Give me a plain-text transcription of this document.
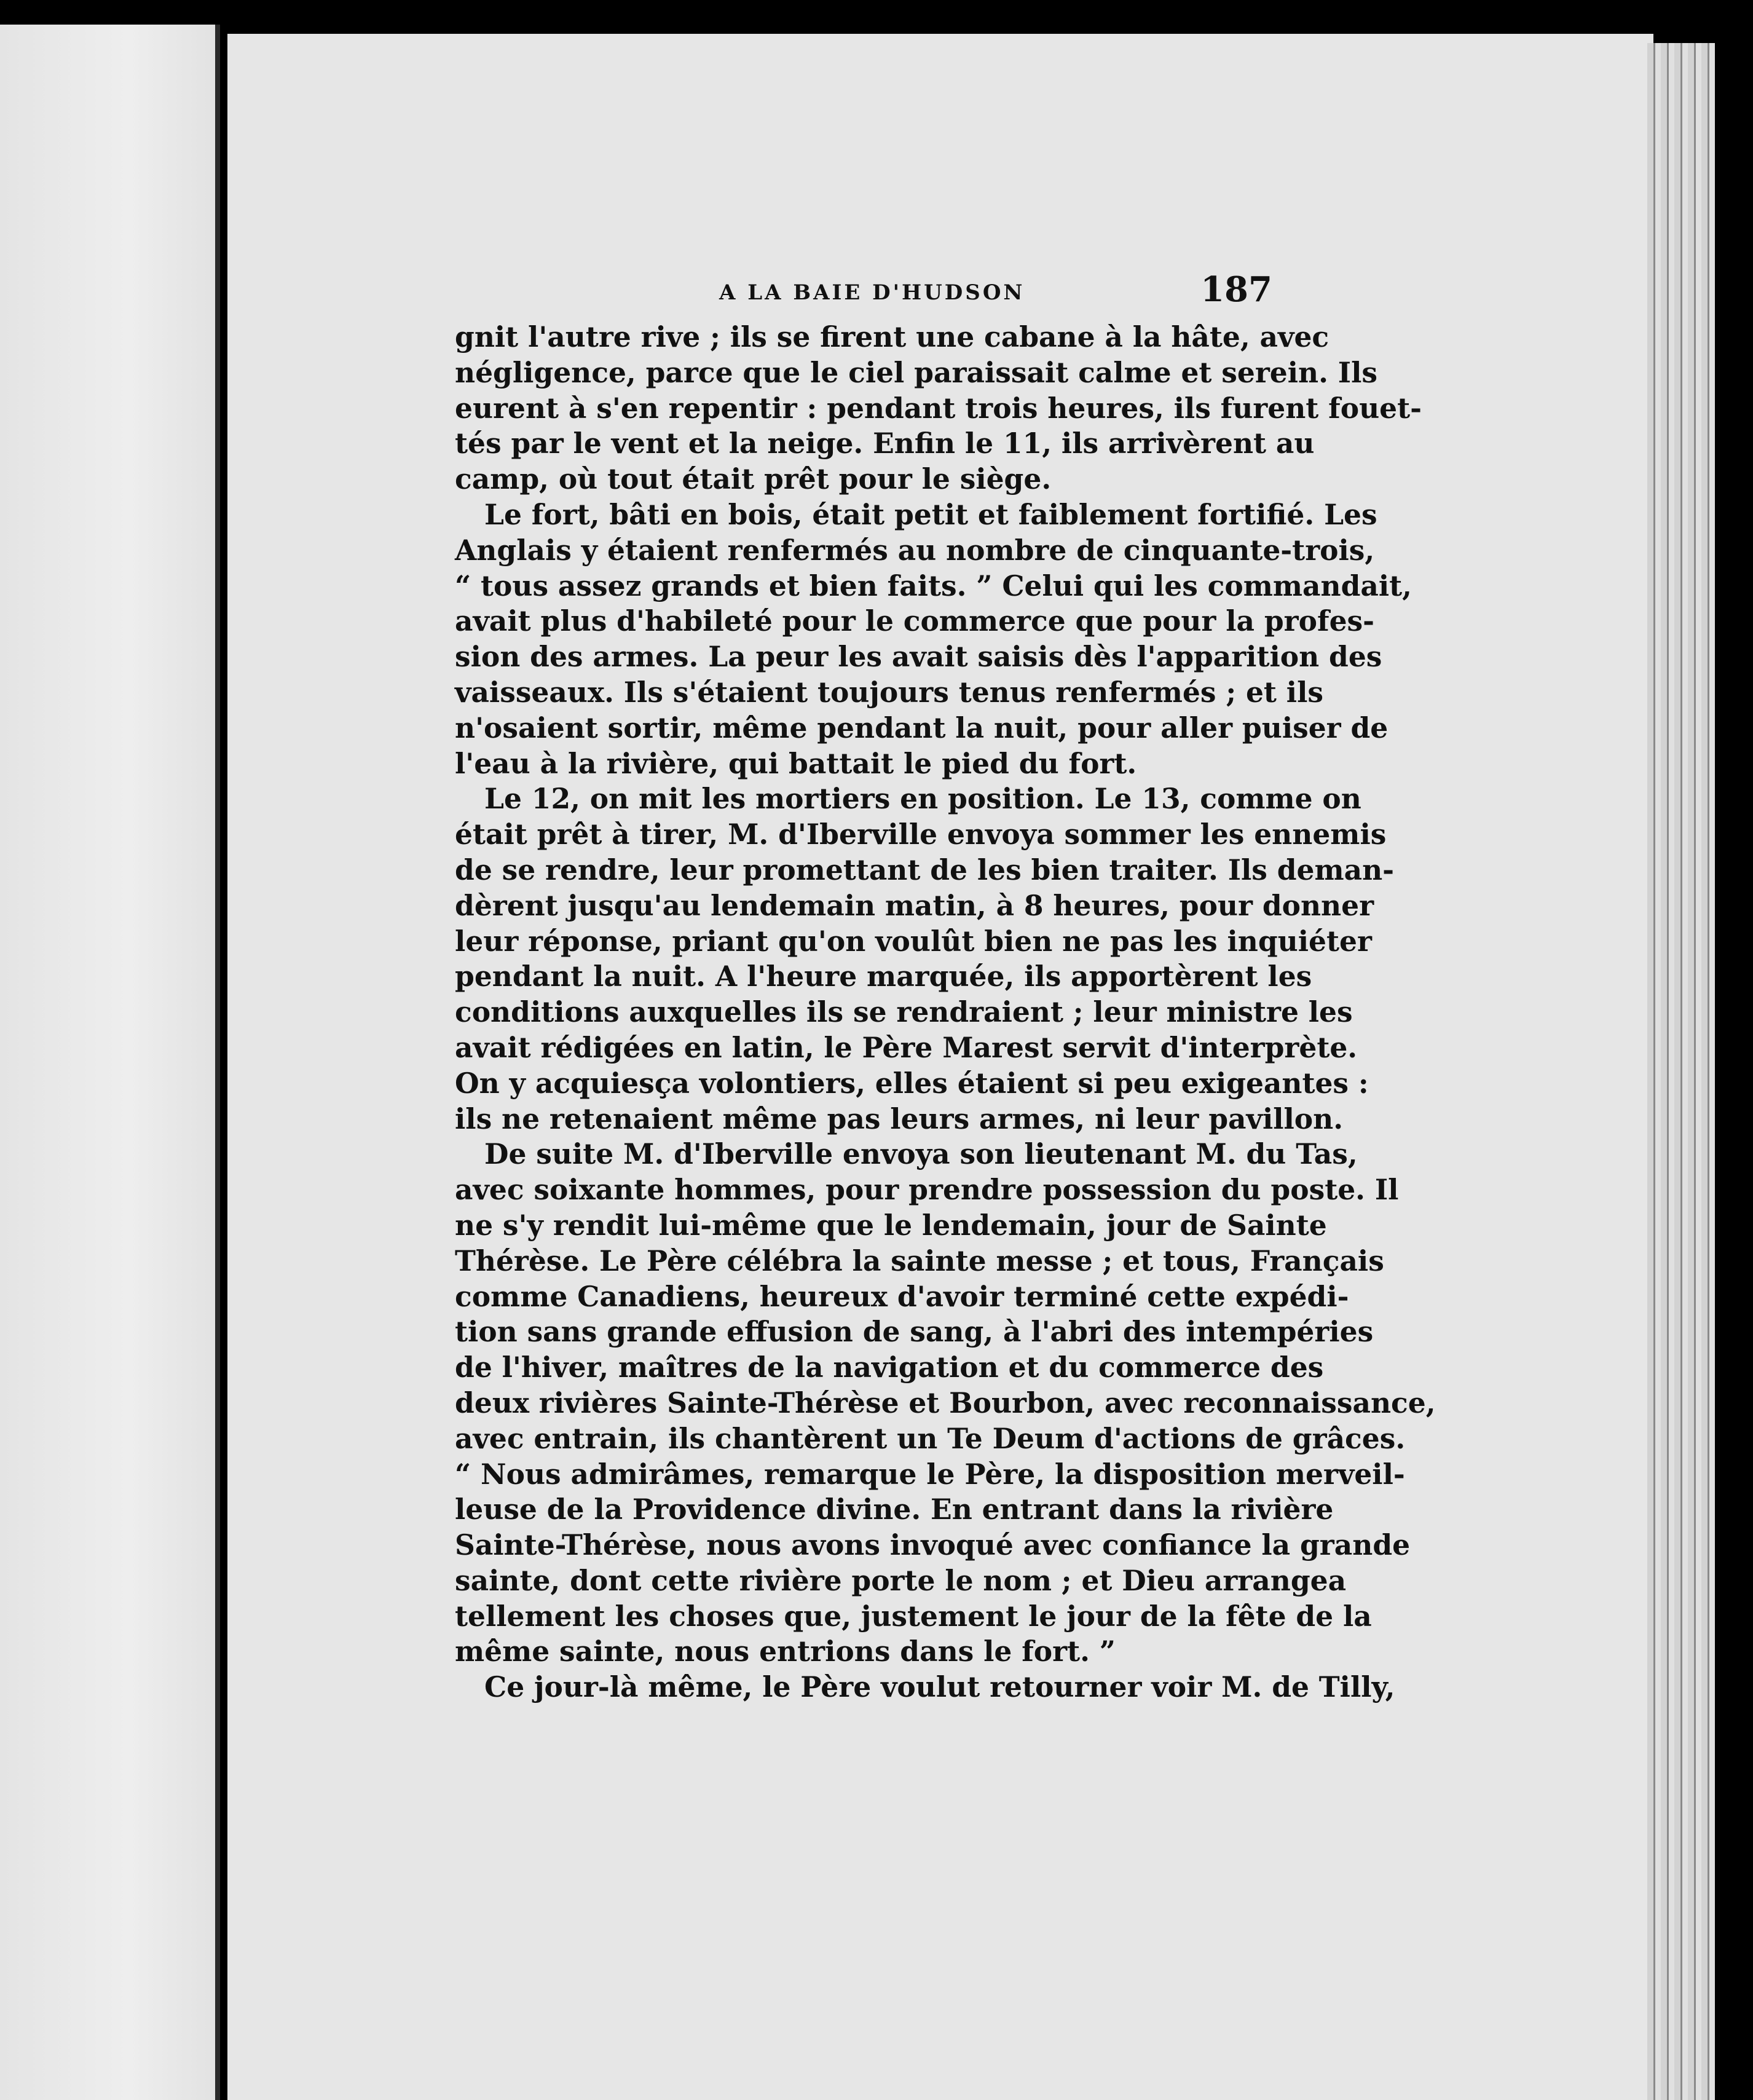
A LA BAIE D'HUDSON	187
gnit l'autre rive ; ils se firent une cabane à la hâte, avec
négligence, parce que le ciel paraissait calme et serein. Ils
eurent à s'en repentir : pendant trois heures, ils furent fouet-
tés par le vent et la neige. Enfin le 11, ils arrivèrent au
camp, où tout était prêt pour le siège.
Le fort, bâti en bois, était petit et faiblement fortifié. Les
Anglais y étaient renfermés au nombre de cinquante-trois,
“ tous assez grands et bien faits. ” Celui qui les commandait,
avait plus d'habileté pour le commerce que pour la profes-
sion des armes. La peur les avait saisis dès l'apparition des
vaisseaux. Ils s'étaient toujours tenus renfermés ; et ils
n'osaient sortir, même pendant la nuit, pour aller puiser de
l'eau à la rivière, qui battait le pied du fort.
Le 12, on mit les mortiers en position. Le 13, comme on
était prêt à tirer, M. d'Iberville envoya sommer les ennemis
de se rendre, leur promettant de les bien traiter. Ils deman-
dèrent jusqu'au lendemain matin, à 8 heures, pour donner
leur réponse, priant qu'on voulût bien ne pas les inquiéter
pendant la nuit. A l'heure marquée, ils apportèrent les
conditions auxquelles ils se rendraient ; leur ministre les
avait rédigées en latin, le Père Marest servit d'interprète.
On y acquiesça volontiers, elles étaient si peu exigeantes :
ils ne retenaient même pas leurs armes, ni leur pavillon.
De suite M. d'Iberville envoya son lieutenant M. du Tas,
avec soixante hommes, pour prendre possession du poste. Il
ne s'y rendit lui-même que le lendemain, jour de Sainte
Thérèse. Le Père célébra la sainte messe ; et tous, Français
comme Canadiens, heureux d'avoir terminé cette expédi-
tion sans grande effusion de sang, à l'abri des intempéries
de l'hiver, maîtres de la navigation et du commerce des
deux rivières Sainte-Thérèse et Bourbon, avec reconnaissance,
avec entrain, ils chantèrent un Te Deum d'actions de grâces.
“ Nous admirâmes, remarque le Père, la disposition merveil-
leuse de la Providence divine. En entrant dans la rivière
Sainte-Thérèse, nous avons invoqué avec confiance la grande
sainte, dont cette rivière porte le nom ; et Dieu arrangea
tellement les choses que, justement le jour de la fête de la
même sainte, nous entrions dans le fort. ”
Ce jour-là même, le Père voulut retourner voir M. de Tilly,
